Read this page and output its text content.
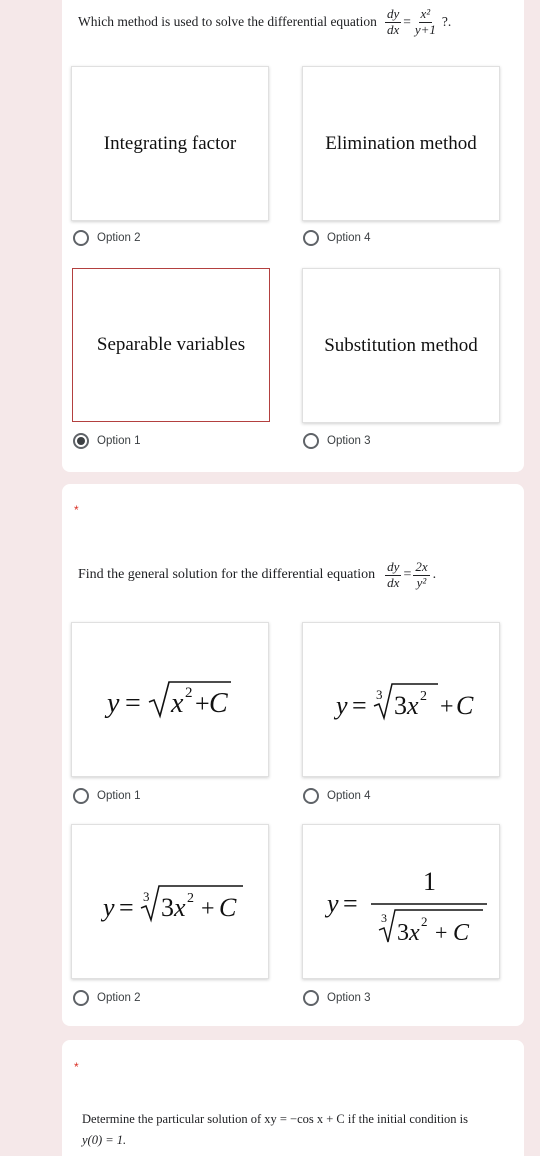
Which method is used to solve the differential equation $\frac{dy}{dx} = \frac{\text{x²}}{y+1}$ ?.
Integrating factor	Elimination method
Option 2	Option 4
Separable variables	Substitution method
Option 1	Option 3
*
Find the general solution for the differential equation $\frac{dy}{dx} = \frac{2x}{\text{y²}}$ .
y = x 2 + C	y = 3 3 x 2 + C
Option 1	Option 4
y = 3 3 x 2 + C	y =
1
3
3 x 2 + C
Option 2	Option 3
*
Determine the particular solution of xy = −cos x + C if the initial condition is
y(0) = 1.
